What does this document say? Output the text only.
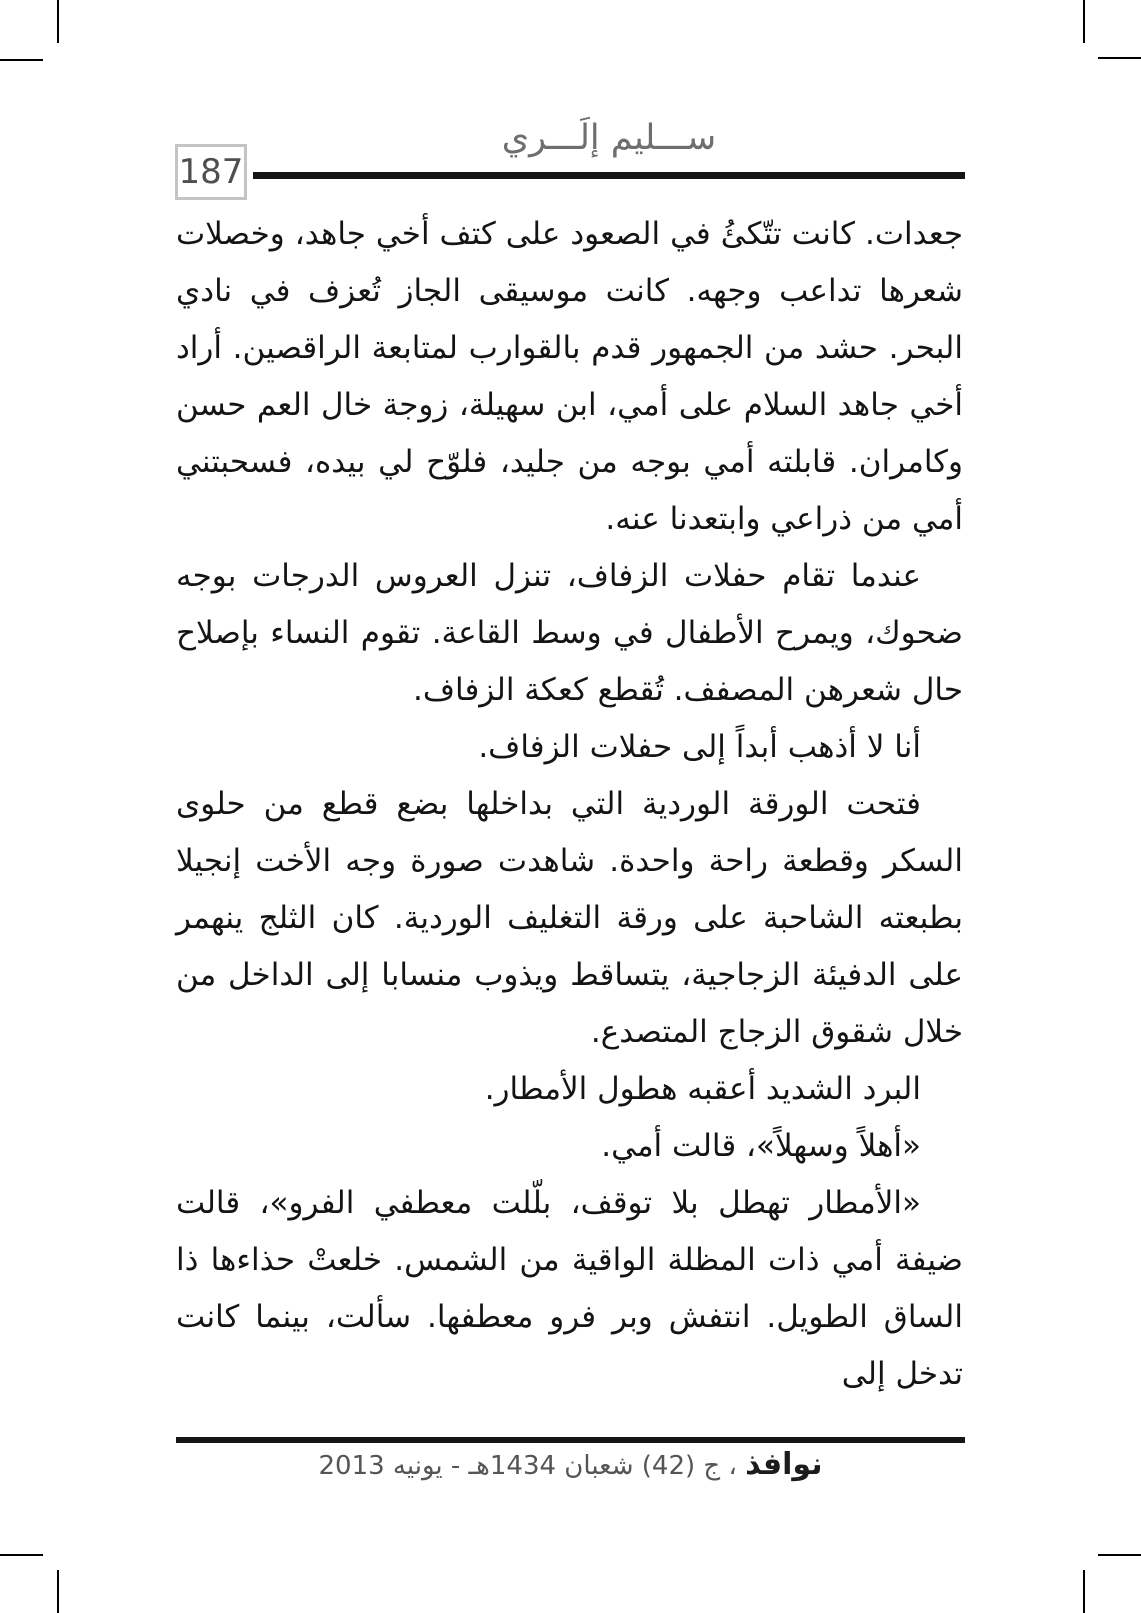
ســـليم إلَـــري
187

جعدات. كانت تتّكئُ في الصعود على كتف أخي جاهد، وخصلات شعرها تداعب وجهه. كانت موسيقى الجاز تُعزف في نادي البحر. حشد من الجمهور قدم بالقوارب لمتابعة الراقصين. أراد أخي جاهد السلام على أمي، ابن سهيلة، زوجة خال العم حسن وكامران. قابلته أمي بوجه من جليد، فلوّح لي بيده، فسحبتني أمي من ذراعي وابتعدنا عنه.

عندما تقام حفلات الزفاف، تنزل العروس الدرجات بوجه ضحوك، ويمرح الأطفال في وسط القاعة. تقوم النساء بإصلاح حال شعرهن المصفف. تُقطع كعكة الزفاف.

أنا لا أذهب أبداً إلى حفلات الزفاف.

فتحت الورقة الوردية التي بداخلها بضع قطع من حلوى السكر وقطعة راحة واحدة. شاهدت صورة وجه الأخت إنجيلا بطبعته الشاحبة على ورقة التغليف الوردية. كان الثلج ينهمر على الدفيئة الزجاجية، يتساقط ويذوب منسابا إلى الداخل من خلال شقوق الزجاج المتصدع.

البرد الشديد أعقبه هطول الأمطار.

«أهلاً وسهلاً»، قالت أمي.

«الأمطار تهطل بلا توقف، بلّلت معطفي الفرو»، قالت ضيفة أمي ذات المظلة الواقية من الشمس. خلعتْ حذاءها ذا الساق الطويل. انتفش وبر فرو معطفها. سألت، بينما كانت تدخل إلى

نوافذ ، ج (42) شعبان 1434هـ - يونيه 2013
